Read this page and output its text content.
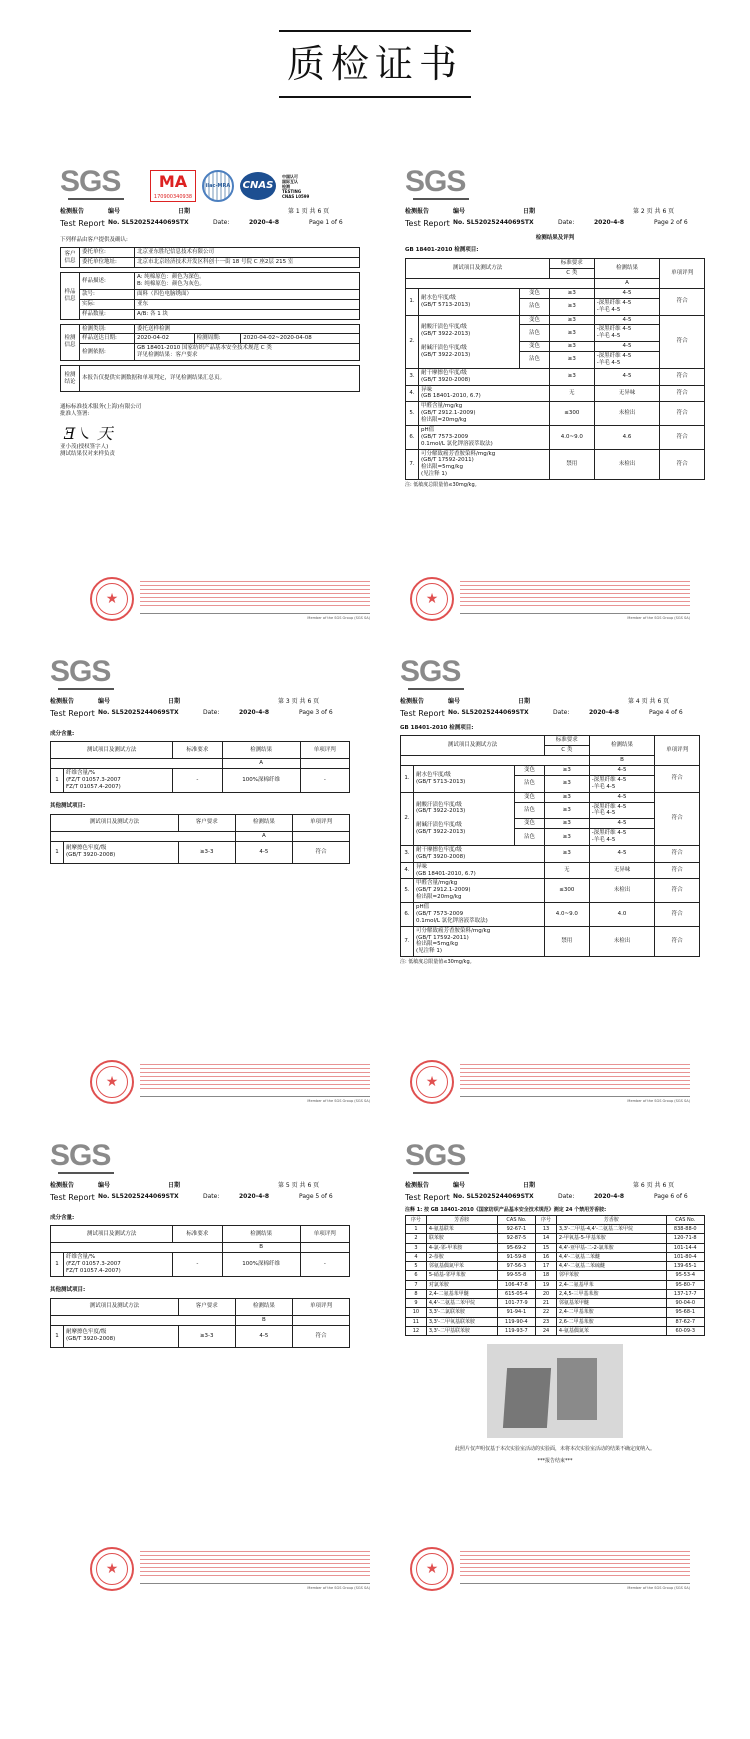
质检证书
SGS	MA
170900340938
ilac-MRA	CNAS
中国认可
国际互认
检测
TESTING
CNAS L0599
检测报告	编号	日期	第 1 页 共 6 页
Test Report No. SL52025244069STX	Date:	2020-4-8	Page 1 of 6
下列样品由客户提供及确认:
客户信息	委托单位:	北京亚东胜纪信息技术有限公司
	委托单位地址:	北京市北京经济技术开发区科创十一街 18 号院 C 座2层 215 室
样品信息	样品描述:	A: 纯棉原色：颜色为深色。
B: 纯棉原色：颜色为灰色。
	款号:	面料（四色电脑绣面）
	实际:	亚东
	样品数量:	A/B: 各 1 块
检测信息	检测类别:	委托送样检测		
	样品送达日期:	2020-04-02	检测周期:	2020-04-02~2020-04-08
	检测依据:	GB 18401-2010 国家纺织产品基本安全技术规范 C 类
详见检测结果：客户要求		
检测结论	本报告仅提供实测数据和单项判定，详见检测结果汇总页。
通标标准技术服务(上海)有限公司
批准人签署:
Ǝ㇏ 天
亚小茂(授权签字人)
测试结果仅对来样负责
SGS
检测报告	编号	日期	第 2 页 共 6 页
Test Report No. SL52025244069STX	Date:	2020-4-8	Page 2 of 6
检测结果及评判
GB 18401-2010 检测项目:
测试项目及测试方法			标准要求	检测结果	单项评判
			C 类		
				A	
1.	耐水色牢度/级
(GB/T 5713-2013)	变色	≥3	4-5	符合
		沾色	≥3	-深黑纤维 4-5
-羊毛 4-5	
2.	耐酸汗渍色牢度/级
(GB/T 3922-2013)

耐碱汗渍色牢度/级
(GB/T 3922-2013)	变色	≥3	4-5	符合
		沾色	≥3	-深黑纤维 4-5
-羊毛 4-5	
		变色	≥3	4-5	
		沾色	≥3	-深黑纤维 4-5
-羊毛 4-5	
3.	耐干摩擦色牢度/级
(GB/T 3920-2008)		≥3	4-5	符合
4.	异味
(GB 18401-2010, 6.7)		无	无异味	符合
5.	甲醛含量/mg/kg
(GB/T 2912.1-2009)
检出限=20mg/kg		≤300	未检出	符合
6.	pH值
(GB/T 7573-2009
0.1mol/L 氯化钾溶液萃取法)		4.0~9.0	4.6	符合
7.	可分解致癌芳香胺染料/mg/kg
(GB/T 17592-2011)
检出限=5mg/kg
(见注释 1)		禁用	未检出	符合
注: 低敏度总限量值≤30mg/kg。
★
Member of the SGS Group (SGS SA)
★
Member of the SGS Group (SGS SA)
SGS
检测报告	编号	日期	第 3 页 共 6 页
Test Report No. SL52025244069STX	Date:	2020-4-8	Page 3 of 6
成分含量:
测试项目及测试方法		标准要求	检测结果	单项评判
			A	
1	纤维含量/%
(FZ/T 01057.3-2007
FZ/T 01057.4-2007)	-	100%深棉纤维	-
其他测试项目:
测试项目及测试方法		客户要求	检测结果	单项评判
			A	
1	耐摩擦色牢度/级
(GB/T 3920-2008)	≥3-3	4-5	符合
SGS
检测报告	编号	日期	第 4 页 共 6 页
Test Report No. SL52025244069STX	Date:	2020-4-8	Page 4 of 6
GB 18401-2010 检测项目:
测试项目及测试方法			标准要求	检测结果	单项评判
			C 类		
				B	
1.	耐水色牢度/级
(GB/T 5713-2013)	变色	≥3	4-5	符合
		沾色	≥3	-深黑纤维 4-5
-羊毛 4-5	
2.	耐酸汗渍色牢度/级
(GB/T 3922-2013)

耐碱汗渍色牢度/级
(GB/T 3922-2013)	变色	≥3	4-5	符合
		沾色	≥3	-深黑纤维 4-5
-羊毛 4-5	
		变色	≥3	4-5	
		沾色	≥3	-深黑纤维 4-5
-羊毛 4-5	
3.	耐干摩擦色牢度/级
(GB/T 3920-2008)		≥3	4-5	符合
4.	异味
(GB 18401-2010, 6.7)		无	无异味	符合
5.	甲醛含量/mg/kg
(GB/T 2912.1-2009)
检出限=20mg/kg		≤300	未检出	符合
6.	pH值
(GB/T 7573-2009
0.1mol/L 氯化钾溶液萃取法)		4.0~9.0	4.0	符合
7.	可分解致癌芳香胺染料/mg/kg
(GB/T 17592-2011)
检出限=5mg/kg
(见注释 1)		禁用	未检出	符合
注: 低敏度总限量值≤30mg/kg。
★
Member of the SGS Group (SGS SA)
★
Member of the SGS Group (SGS SA)
SGS
检测报告	编号	日期	第 5 页 共 6 页
Test Report No. SL52025244069STX	Date:	2020-4-8	Page 5 of 6
成分含量:
测试项目及测试方法		标准要求	检测结果	单项评判
			B	
1	纤维含量/%
(FZ/T 01057.3-2007
FZ/T 01057.4-2007)	-	100%深棉纤维	-
其他测试项目:
测试项目及测试方法		客户要求	检测结果	单项评判
			B	
1	耐摩擦色牢度/级
(GB/T 3920-2008)	≥3-3	4-5	符合
SGS
检测报告	编号	日期	第 6 页 共 6 页
Test Report No. SL52025244069STX	Date:	2020-4-8	Page 6 of 6
注释 1: 按 GB 18401-2010《国家纺织产品基本安全技术规范》测定 24 个禁用芳香胺:
序号	芳香胺	CAS No.	序号	芳香胺	CAS No.
1	4-氨基联苯	92-67-1	13	3,3'-二甲基-4,4'-二氨基二苯甲烷	838-88-0
2	联苯胺	92-87-5	14	2-甲氧基-5-甲基苯胺	120-71-8
3	4-氯-邻-甲苯胺	95-69-2	15	4,4'-亚甲基-二-2-氯苯胺	101-14-4
4	2-萘胺	91-59-8	16	4,4'-二氨基二苯醚	101-80-4
5	邻氨基偶氮甲苯	97-56-3	17	4,4'-二氨基二苯硫醚	139-65-1
6	5-硝基-邻甲苯胺	99-55-8	18	邻甲苯胺	95-53-4
7	对氯苯胺	106-47-8	19	2,4-二氨基甲苯	95-80-7
8	2,4-二氨基苯甲醚	615-05-4	20	2,4,5-三甲基苯胺	137-17-7
9	4,4'-二氨基二苯甲烷	101-77-9	21	邻氨基苯甲醚	90-04-0
10	3,3'-二氯联苯胺	91-94-1	22	2,4-二甲基苯胺	95-68-1
11	3,3'-二甲氧基联苯胺	119-90-4	23	2,6-二甲基苯胺	87-62-7
12	3,3'-二甲基联苯胺	119-93-7	24	4-氨基偶氮苯	60-09-3
此照片仅声明仅基于本次实验室活动的实验面，未将本次实验室活动的结果不确定度纳入。
***报告结束***
★
Member of the SGS Group (SGS SA)
★
Member of the SGS Group (SGS SA)
